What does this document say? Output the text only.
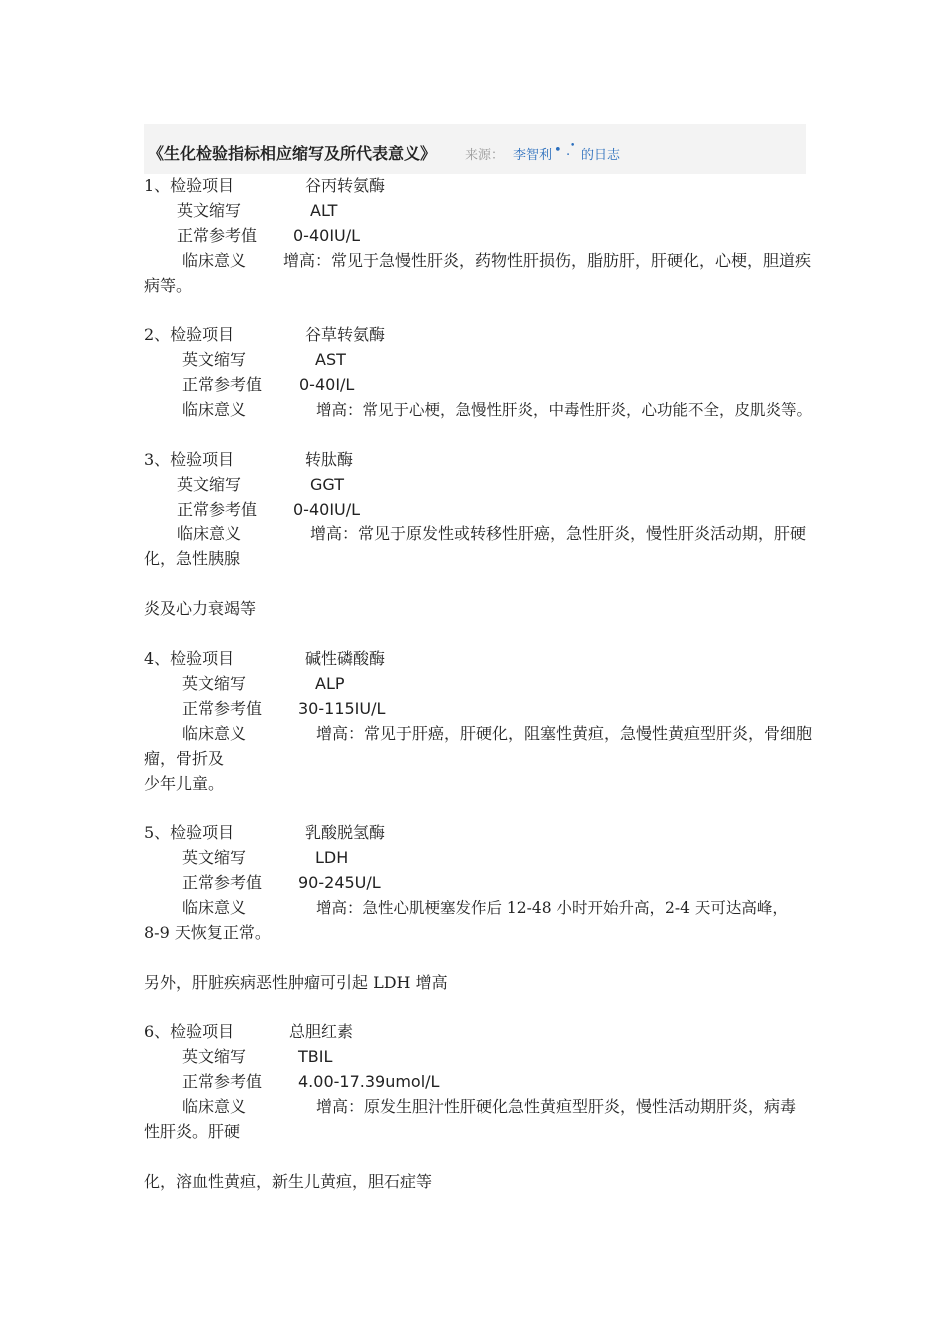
《生化检验指标相应缩写及所代表意义》 来源： 李智利 • . •
的日志
1、检验项目	谷丙转氨酶
英文缩写	ALT
正常参考值 0-40IU/L
临床意义 增高：常见于急慢性肝炎，药物性肝损伤，脂肪肝，肝硬化，心梗，胆道疾
病等。
2、检验项目	谷草转氨酶
英文缩写	AST
正常参考值 0-40I/L
临床意义	增高：常见于心梗，急慢性肝炎，中毒性肝炎，心功能不全，皮肌炎等。
3、检验项目	转肽酶
英文缩写	GGT
正常参考值 0-40IU/L
临床意义	增高：常见于原发性或转移性肝癌，急性肝炎，慢性肝炎活动期，肝硬
化，急性胰腺
炎及心力衰竭等
4、检验项目	碱性磷酸酶
英文缩写	ALP
正常参考值 30-115IU/L
临床意义	增高：常见于肝癌，肝硬化，阻塞性黄疸，急慢性黄疸型肝炎，骨细胞
瘤，骨折及
少年儿童。
5、检验项目	乳酸脱氢酶
英文缩写	LDH
正常参考值 90-245U/L
临床意义	增高：急性心肌梗塞发作后 12-48 小时开始升高，2-4 天可达高峰，
8-9 天恢复正常。
另外，肝脏疾病恶性肿瘤可引起 LDH 增高
6、检验项目	总胆红素
英文缩写	TBIL
正常参考值 4.00-17.39umol/L
临床意义	增高：原发生胆汁性肝硬化急性黄疸型肝炎，慢性活动期肝炎，病毒
性肝炎。肝硬
化，溶血性黄疸，新生儿黄疸，胆石症等
